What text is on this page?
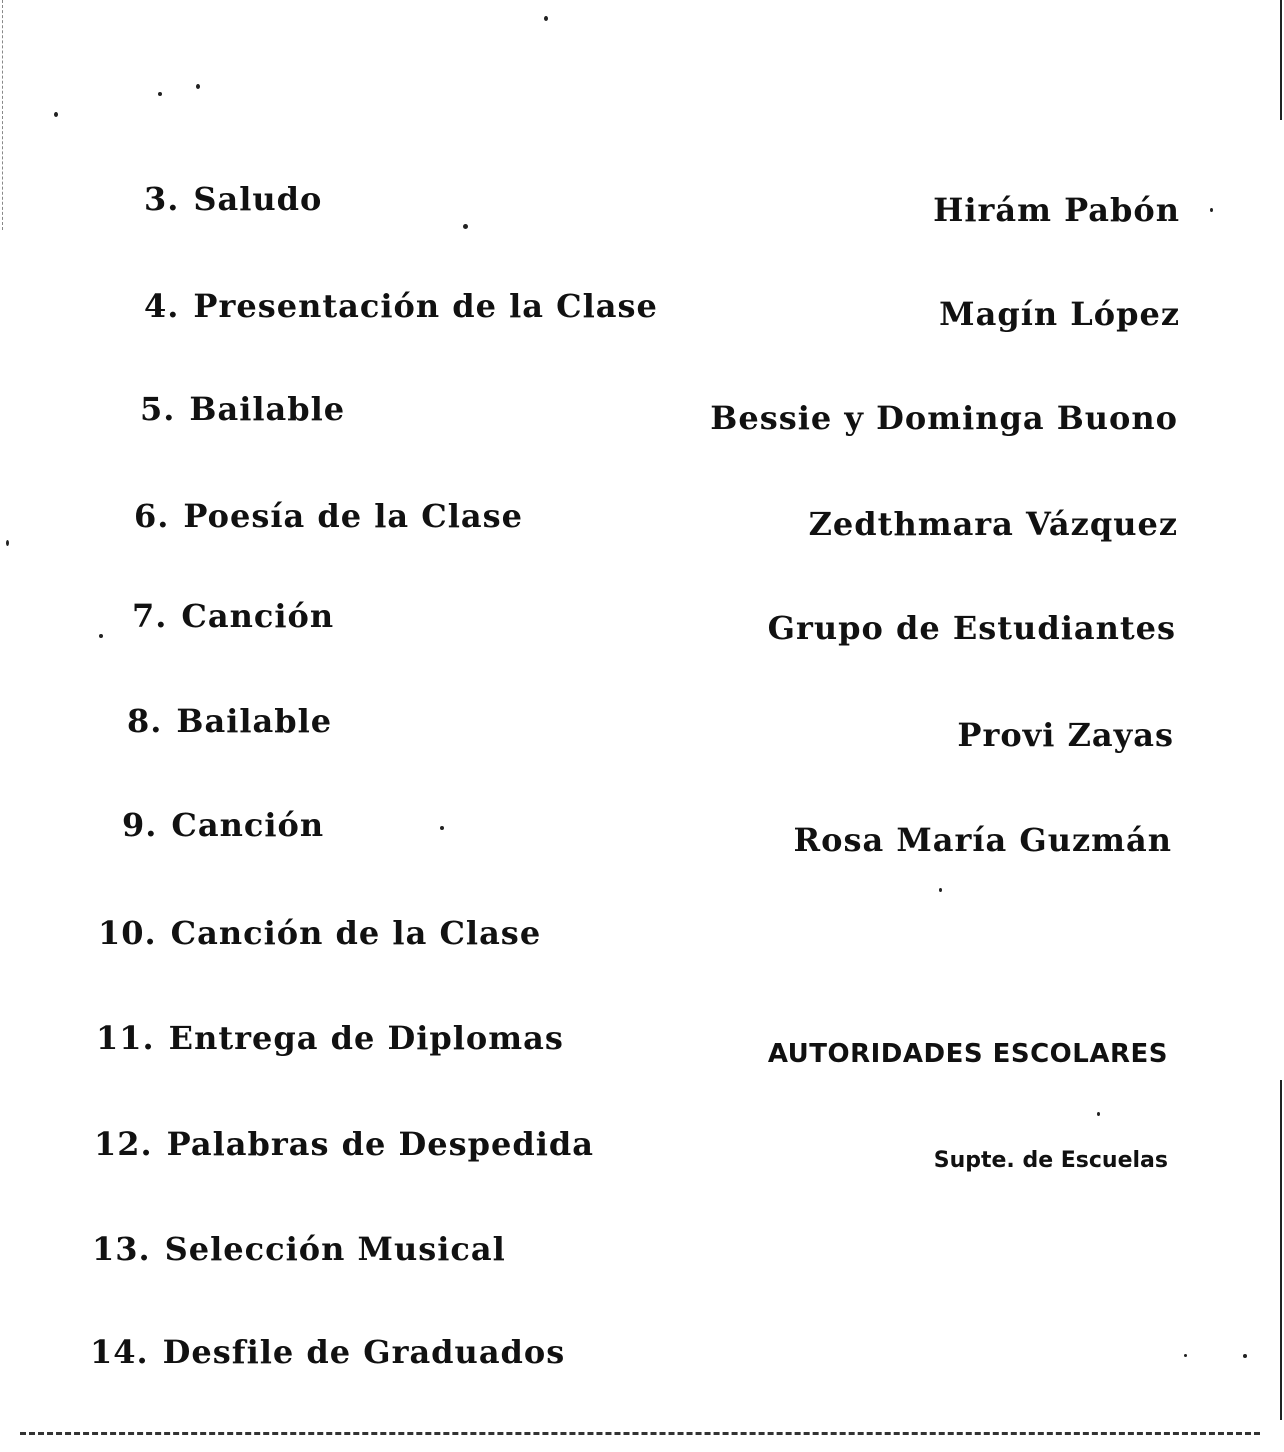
3. Saludo
4. Presentación de la Clase
5. Bailable
6. Poesía de la Clase
7. Canción
8. Bailable
9. Canción
10. Canción de la Clase
11. Entrega de Diplomas
12. Palabras de Despedida
13. Selección Musical
14. Desfile de Graduados
Hirám Pabón
Magín López
Bessie y Dominga Buono
Zedthmara Vázquez
Grupo de Estudiantes
Provi Zayas
Rosa María Guzmán
AUTORIDADES ESCOLARES
Supte. de Escuelas
